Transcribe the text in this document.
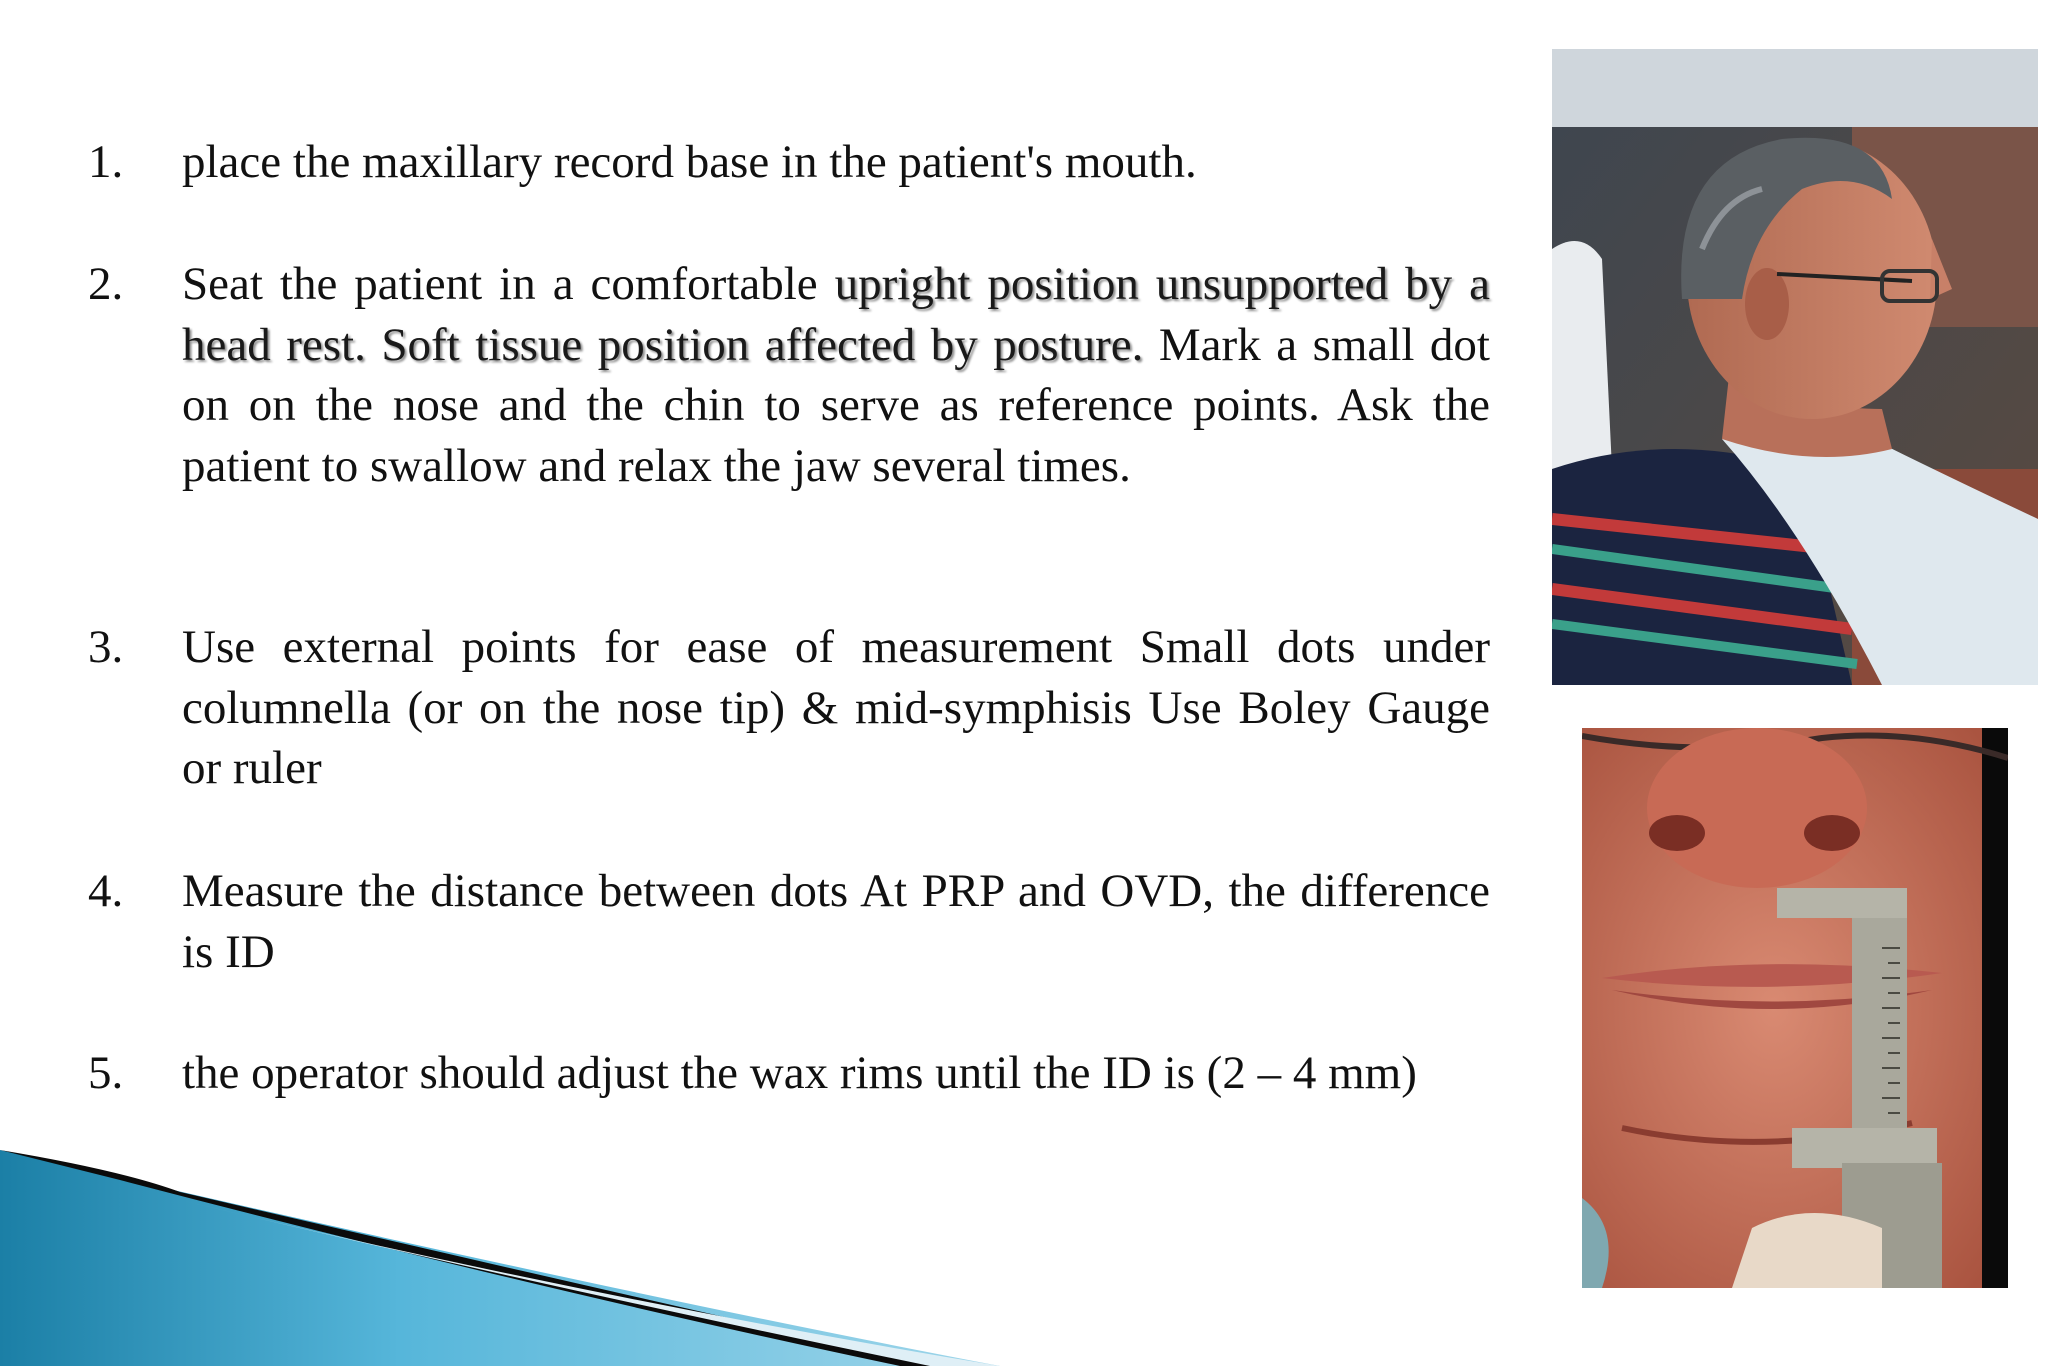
1. place the maxillary record base in the patient's mouth.
2. Seat the patient in a comfortable upright position unsupported by a head rest. Soft tissue position affected by posture. Mark a small dot on on the nose and the chin to serve as reference points. Ask the patient to swallow and relax the jaw several times.
3. Use external points for ease of measurement Small dots under columnella (or on the nose tip) & mid-symphisis Use Boley Gauge or ruler
4. Measure the distance between dots At PRP and OVD, the difference is ID
5. the operator should adjust the wax rims until the ID is (2 – 4 mm)
